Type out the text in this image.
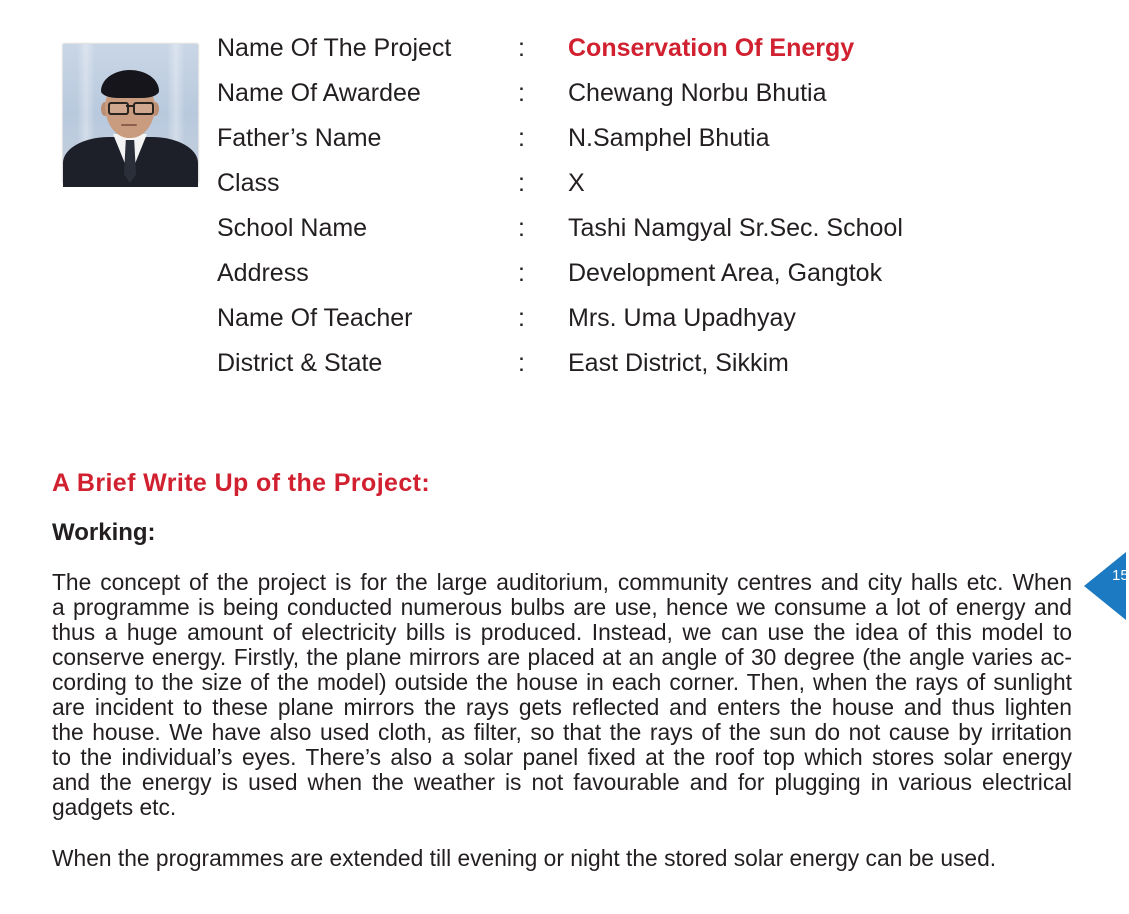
Name Of The Project	: Conservation Of Energy
Name Of Awardee	: Chewang Norbu Bhutia
Father’s Name	: N.Samphel Bhutia
Class	: X
School Name	: Tashi Namgyal Sr.Sec. School
Address	: Development Area, Gangtok
Name Of Teacher	: Mrs. Uma Upadhyay
District & State	: East District, Sikkim
A Brief Write Up of the Project:
Working:
The concept of the project is for the large auditorium, community centres and city halls etc. When
a programme is being conducted numerous bulbs are use, hence we consume a lot of energy and
thus a huge amount of electricity bills is produced. Instead, we can use the idea of this model to
conserve energy. Firstly, the plane mirrors are placed at an angle of 30 degree (the angle varies ac-
cording to the size of the model) outside the house in each corner. Then, when the rays of sunlight
are incident to these plane mirrors the rays gets reflected and enters the house and thus lighten
the house. We have also used cloth, as filter, so that the rays of the sun do not cause by irritation
to the individual’s eyes. There’s also a solar panel fixed at the roof top which stores solar energy
and the energy is used when the weather is not favourable and for plugging in various electrical
gadgets etc.
When the programmes are extended till evening or night the stored solar energy can be used.
15
